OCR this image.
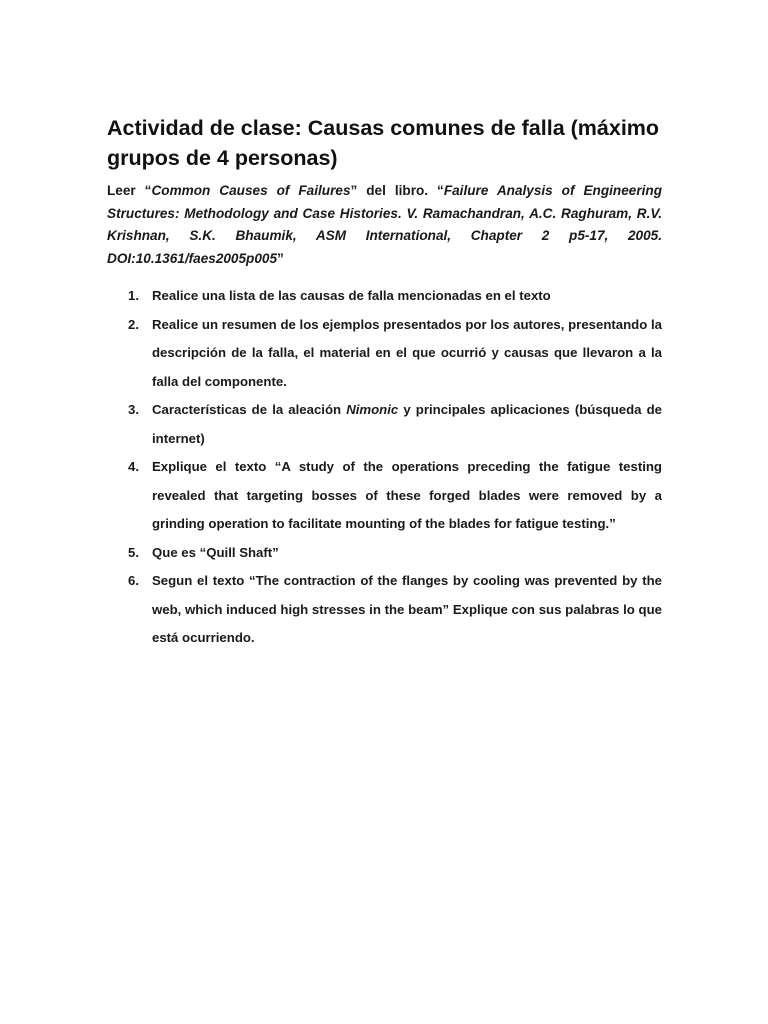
Actividad de clase: Causas comunes de falla (máximo grupos de 4 personas)

Leer “Common Causes of Failures” del libro. “Failure Analysis of Engineering Structures: Methodology and Case Histories. V. Ramachandran, A.C. Raghuram, R.V. Krishnan, S.K. Bhaumik, ASM International, Chapter 2 p5-17, 2005. DOI:10.1361/faes2005p005”

1. Realice una lista de las causas de falla mencionadas en el texto
2. Realice un resumen de los ejemplos presentados por los autores, presentando la descripción de la falla, el material en el que ocurrió y causas que llevaron a la falla del componente.
3. Características de la aleación Nimonic y principales aplicaciones (búsqueda de internet)
4. Explique el texto “A study of the operations preceding the fatigue testing revealed that targeting bosses of these forged blades were removed by a grinding operation to facilitate mounting of the blades for fatigue testing.”
5. Que es “Quill Shaft”
6. Segun el texto “The contraction of the flanges by cooling was prevented by the web, which induced high stresses in the beam” Explique con sus palabras lo que está ocurriendo.
